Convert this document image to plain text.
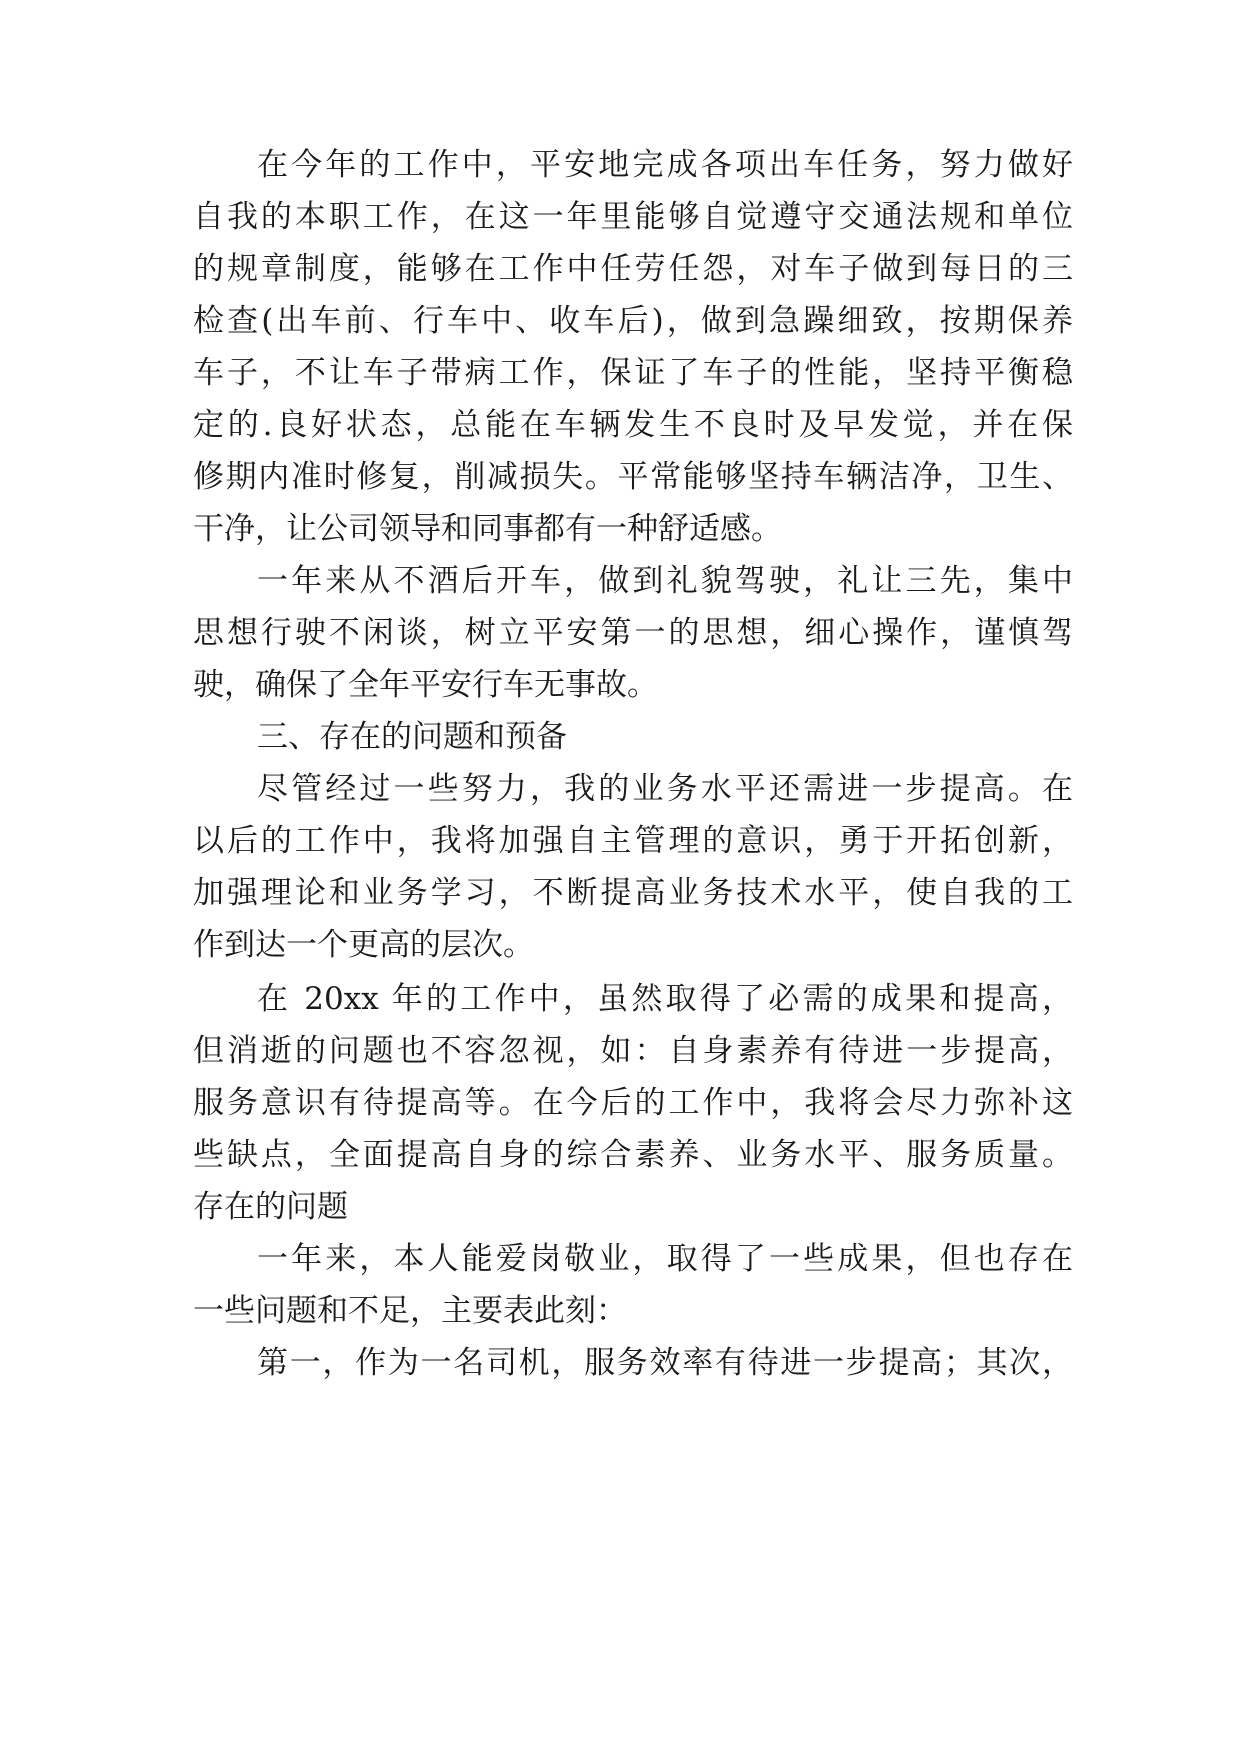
在今年的工作中，平安地完成各项出车任务，努力做好
自我的本职工作，在这一年里能够自觉遵守交通法规和单位
的规章制度，能够在工作中任劳任怨，对车子做到每日的三
检查(出车前、行车中、收车后)，做到急躁细致，按期保养
车子，不让车子带病工作，保证了车子的性能，坚持平衡稳
定的.良好状态，总能在车辆发生不良时及早发觉，并在保
修期内准时修复，削减损失。平常能够坚持车辆洁净，卫生、
干净，让公司领导和同事都有一种舒适感。
一年来从不酒后开车，做到礼貌驾驶，礼让三先，集中
思想行驶不闲谈，树立平安第一的思想，细心操作，谨慎驾
驶，确保了全年平安行车无事故。
三、存在的问题和预备
尽管经过一些努力，我的业务水平还需进一步提高。在
以后的工作中，我将加强自主管理的意识，勇于开拓创新，
加强理论和业务学习，不断提高业务技术水平，使自我的工
作到达一个更高的层次。
在 20xx 年的工作中，虽然取得了必需的成果和提高，
但消逝的问题也不容忽视，如：自身素养有待进一步提高，
服务意识有待提高等。在今后的工作中，我将会尽力弥补这
些缺点，全面提高自身的综合素养、业务水平、服务质量。
存在的问题
一年来，本人能爱岗敬业，取得了一些成果，但也存在
一些问题和不足，主要表此刻：
第一，作为一名司机，服务效率有待进一步提高；其次，
